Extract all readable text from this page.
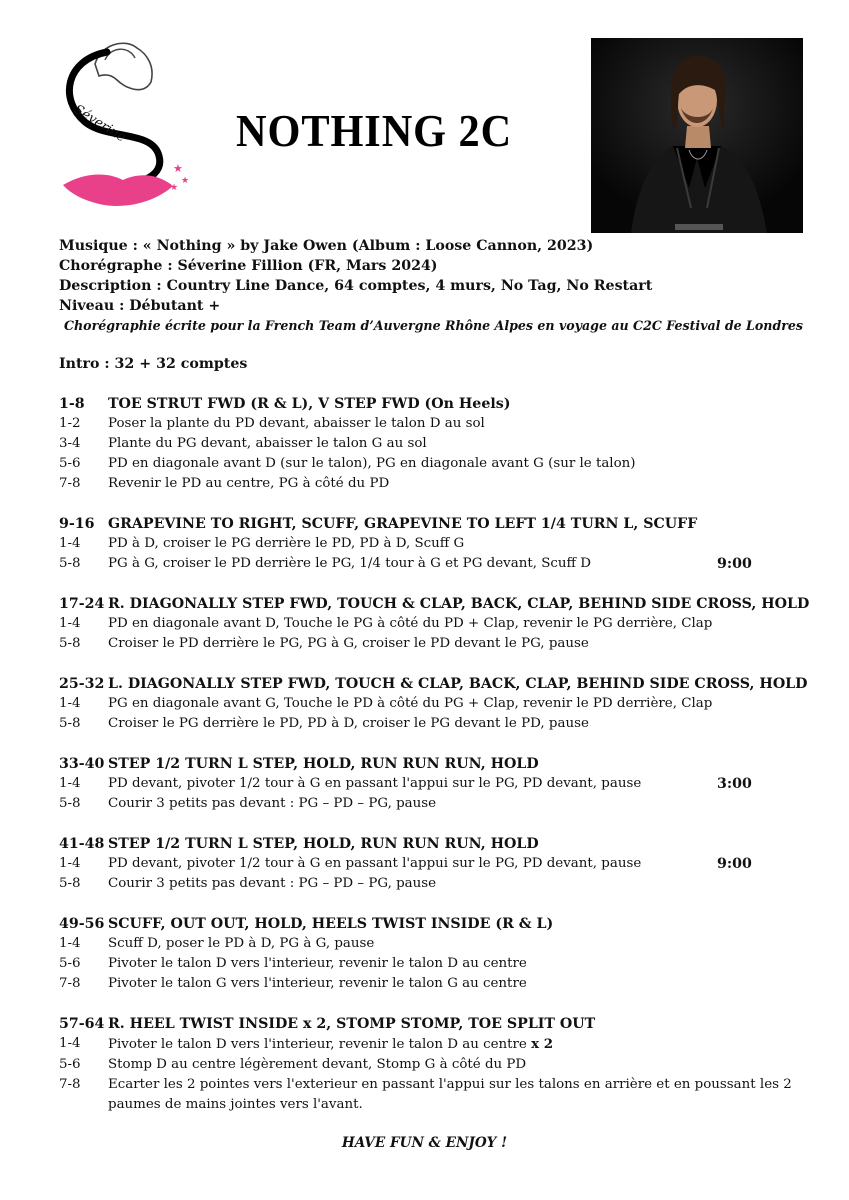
★
★
★
Séverine NOTHING 2C
Musique : « Nothing » by Jake Owen (Album : Loose Cannon, 2023)
Chorégraphe : Séverine Fillion (FR, Mars 2024)
Description : Country Line Dance, 64 comptes, 4 murs, No Tag, No Restart
Niveau : Débutant +
Chorégraphie écrite pour la French Team d’Auvergne Rhône Alpes en voyage au C2C Festival de Londres
Intro : 32 + 32 comptes
1-8	TOE STRUT FWD (R & L), V STEP FWD (On Heels)
1-2	Poser la plante du PD devant, abaisser le talon D au sol
3-4	Plante du PG devant, abaisser le talon G au sol
5-6	PD en diagonale avant D (sur le talon), PG en diagonale avant G (sur le talon)
7-8	Revenir le PD au centre, PG à côté du PD
9-16 GRAPEVINE TO RIGHT, SCUFF, GRAPEVINE TO LEFT 1/4 TURN L, SCUFF
1-4	PD à D, croiser le PG derrière le PD, PD à D, Scuff G
5-8	PG à G, croiser le PD derrière le PG, 1/4 tour à G et PG devant, Scuff D	9:00
17-24 R. DIAGONALLY STEP FWD, TOUCH & CLAP, BACK, CLAP, BEHIND SIDE CROSS, HOLD
1-4	PD en diagonale avant D, Touche le PG à côté du PD + Clap, revenir le PG derrière, Clap
5-8	Croiser le PD derrière le PG, PG à G, croiser le PD devant le PG, pause
25-32 L. DIAGONALLY STEP FWD, TOUCH & CLAP, BACK, CLAP, BEHIND SIDE CROSS, HOLD
1-4	PG en diagonale avant G, Touche le PD à côté du PG + Clap, revenir le PD derrière, Clap
5-8	Croiser le PG derrière le PD, PD à D, croiser le PG devant le PD, pause
33-40 STEP 1/2 TURN L STEP, HOLD, RUN RUN RUN, HOLD
1-4	PD devant, pivoter 1/2 tour à G en passant l'appui sur le PG, PD devant, pause	3:00
5-8	Courir 3 petits pas devant : PG – PD – PG, pause
41-48 STEP 1/2 TURN L STEP, HOLD, RUN RUN RUN, HOLD
1-4	PD devant, pivoter 1/2 tour à G en passant l'appui sur le PG, PD devant, pause	9:00
5-8	Courir 3 petits pas devant : PG – PD – PG, pause
49-56 SCUFF, OUT OUT, HOLD, HEELS TWIST INSIDE (R & L)
1-4	Scuff D, poser le PD à D, PG à G, pause
5-6	Pivoter le talon D vers l'interieur, revenir le talon D au centre
7-8	Pivoter le talon G vers l'interieur, revenir le talon G au centre
57-64 R. HEEL TWIST INSIDE x 2, STOMP STOMP, TOE SPLIT OUT
1-4	Pivoter le talon D vers l'interieur, revenir le talon D au centre x 2
5-6	Stomp D au centre légèrement devant, Stomp G à côté du PD
7-8	Ecarter les 2 pointes vers l'exterieur en passant l'appui sur les talons en arrière et en poussant les 2 paumes de mains jointes vers l'avant.
HAVE FUN & ENJOY !
